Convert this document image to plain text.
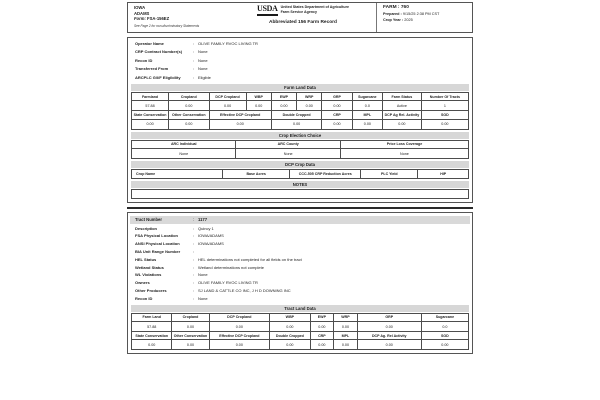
IOWA
ADAMS
Form: FSA-156EZ
See Page 2 for non-discriminatory Statements
USDA United States Department of Agriculture
Farm Service Agency
Abbreviated 156 Farm Record
FARM : 760
Prepared : 9/15/25 2:38 PM CST
Crop Year : 2025
Operator Name	: OLIVE FAMILY RVOC LIVING TR
CRP Contract Number(s)	: None
Recon ID	: None
Transferred From	: None
ARCPLC G/I/F Eligibility	: Eligible
Farm Land Data
Farmland	Cropland	DCP Cropland	WBP	EWP	WRP	GRP	Sugarcane	Farm Status	Number Of Tracts
57.88	0.00	0.00	0.00	0.00	0.00	0.00	0.0	Active	1
State Conservation	Other Conservation	Effective DCP Cropland		Double Cropped		CRP	MPL	DCP Ag Rel. Activity	SOD
0.00	0.00	0.00		0.00		0.00	0.00	0.00	0.00
Crop Election Choice
ARC Individual	ARC County	Price Loss Coverage
None	None	None
DCP Crop Data
Crop Name	Base Acres	CCC-505 CRP Reduction Acres	PLC Yield	HIP
NOTES
Tract Number	: 1177
Description	: Quincy 1
FSA Physical Location	: IOWA/ADAMS
ANSI Physical Location	: IOWA/ADAMS
BIA Unit Range Number	:
HEL Status	: HEL determinations not completed for all fields on the tract
Wetland Status	: Wetland determinations not complete
WL Violations	: None
Owners	: OLIVE FAMILY RVOC LIVING TR
Other Producers	: SJ LAND & CATTLE CO INC, J H D DOWNING INC
Recon ID	: None
Tract Land Data
Farm Land	Cropland	DCP Cropland	WBP	EWP	WRP	GRP	Sugarcane
57.88	0.00	0.00	0.00	0.00	0.00	0.00	0.0
State Conservation	Other Conservation	Effective DCP Cropland	Double Cropped	CRP	MPL	DCP Ag. Rel Activity	SOD
0.00	0.00	0.00	0.00	0.00	0.00	0.00	0.00
